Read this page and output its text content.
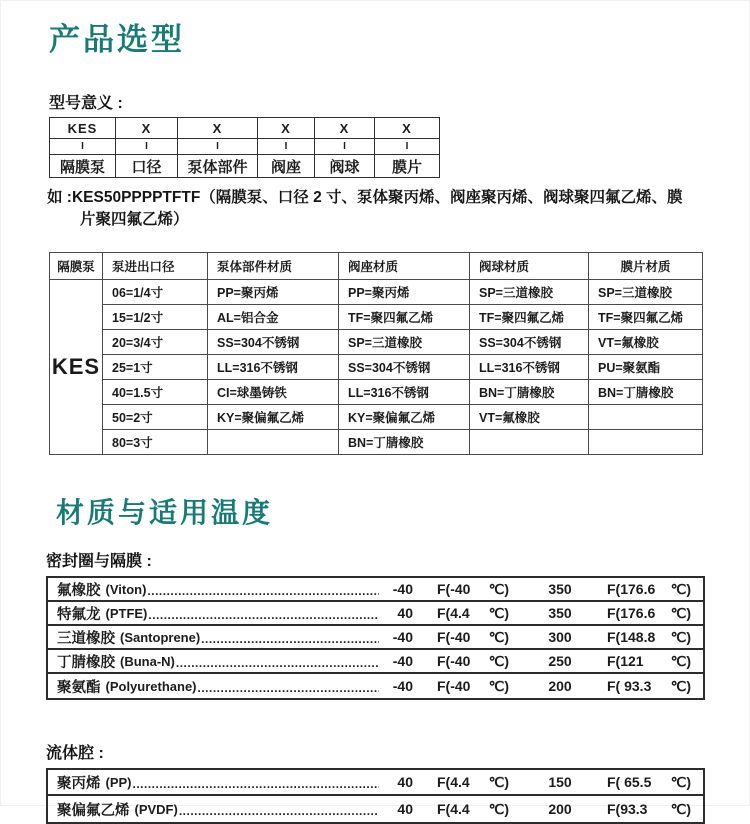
产品选型
型号意义 :
KES	X	X	X	X	X
I	I	I	I	I	I
隔膜泵	口径	泵体部件	阀座	阀球	膜片
如 :KES50PPPPTFTF（隔膜泵、口径 2 寸、泵体聚丙烯、阀座聚丙烯、阀球聚四氟乙烯、膜
片聚四氟乙烯）
隔膜泵	泵进出口径	泵体部件材质	阀座材质	阀球材质	膜片材质
KES	06=1/4寸	PP=聚丙烯	PP=聚丙烯	SP=三道橡胶	SP=三道橡胶
	15=1/2寸	AL=铝合金	TF=聚四氟乙烯	TF=聚四氟乙烯	TF=聚四氟乙烯
	20=3/4寸	SS=304不锈钢	SP=三道橡胶	SS=304不锈钢	VT=氟橡胶
	25=1寸	LL=316不锈钢	SS=304不锈钢	LL=316不锈钢	PU=聚氨酯
	40=1.5寸	CI=球墨铸铁	LL=316不锈钢	BN=丁腈橡胶	BN=丁腈橡胶
	50=2寸	KY=聚偏氟乙烯	KY=聚偏氟乙烯	VT=氟橡胶	
	80=3寸		BN=丁腈橡胶		
材质与适用温度
密封圈与隔膜 :
氟橡胶 (Viton) .....	-40 F(-40 ℃)	350	F(176.6 ℃)
特氟龙 (PTFE) .....	40 F(4.4 ℃)	350	F(176.6 ℃)
三道橡胶 (Santoprene) .....	-40 F(-40 ℃)	300	F(148.8 ℃)
丁腈橡胶 (Buna-N) .....	-40 F(-40 ℃)	250	F(121 ℃)
聚氨酯 (Polyurethane) .....	-40 F(-40 ℃)	200	F( 93.3 ℃)
流体腔 :
聚丙烯 (PP) .....	40 F(4.4 ℃)	150	F( 65.5 ℃)
聚偏氟乙烯 (PVDF) .....	40 F(4.4 ℃)	200	F(93.3 ℃)
